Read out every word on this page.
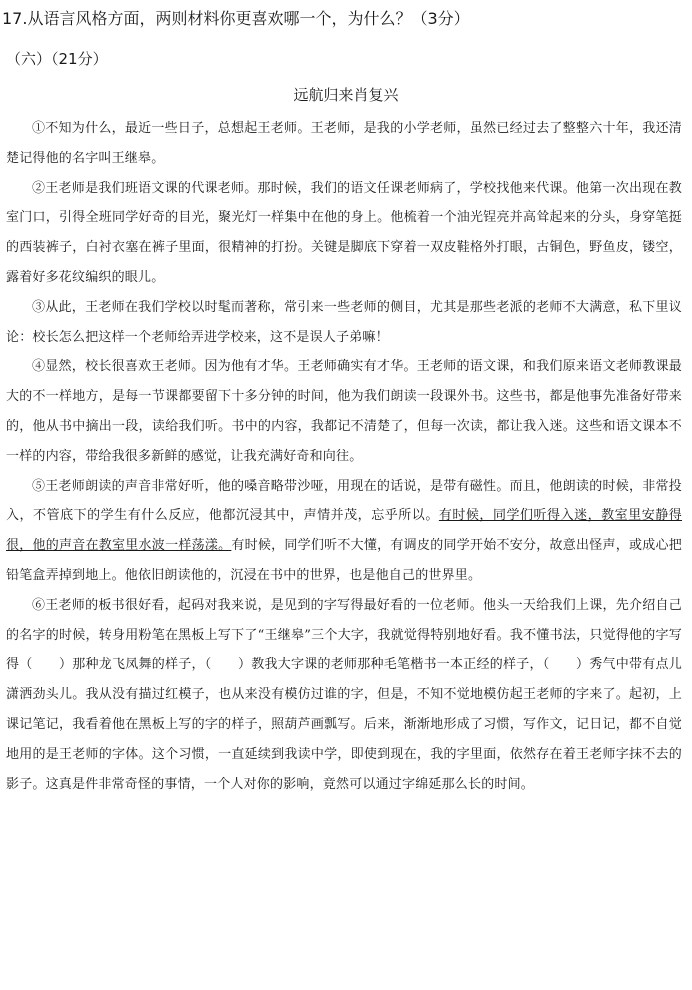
17.从语言风格方面，两则材料你更喜欢哪一个，为什么？（3分）
（六）（21分）
远航归来肖复兴

①不知为什么，最近一些日子，总想起王老师。王老师，是我的小学老师，虽然已经过去了整整六十年，我还清楚记得他的名字叫王继皋。

②王老师是我们班语文课的代课老师。那时候，我们的语文任课老师病了，学校找他来代课。他第一次出现在教室门口，引得全班同学好奇的目光，聚光灯一样集中在他的身上。他梳着一个油光锃亮并高耸起来的分头，身穿笔挺的西装裤子，白衬衣塞在裤子里面，很精神的打扮。关键是脚底下穿着一双皮鞋格外打眼，古铜色，野鱼皮，镂空，露着好多花纹编织的眼儿。

③从此，王老师在我们学校以时髦而著称，常引来一些老师的侧目，尤其是那些老派的老师不大满意，私下里议论：校长怎么把这样一个老师给弄进学校来，这不是误人子弟嘛！

④显然，校长很喜欢王老师。因为他有才华。王老师确实有才华。王老师的语文课，和我们原来语文老师教课最大的不一样地方，是每一节课都要留下十多分钟的时间，他为我们朗读一段课外书。这些书，都是他事先准备好带来的，他从书中摘出一段，读给我们听。书中的内容，我都记不清楚了，但每一次读，都让我入迷。这些和语文课本不一样的内容，带给我很多新鲜的感觉，让我充满好奇和向往。

⑤王老师朗读的声音非常好听，他的嗓音略带沙哑，用现在的话说，是带有磁性。而且，他朗读的时候，非常投入，不管底下的学生有什么反应，他都沉浸其中，声情并茂，忘乎所以。有时候，同学们听得入迷，教室里安静得很，他的声音在教室里水波一样荡漾。有时候，同学们听不大懂，有调皮的同学开始不安分，故意出怪声，或成心把铅笔盒弄掉到地上。他依旧朗读他的，沉浸在书中的世界，也是他自己的世界里。

⑥王老师的板书很好看，起码对我来说，是见到的字写得最好看的一位老师。他头一天给我们上课，先介绍自己的名字的时候，转身用粉笔在黑板上写下了“王继皋”三个大字，我就觉得特别地好看。我不懂书法，只觉得他的字写得（　　）那种龙飞凤舞的样子，（　　）教我大字课的老师那种毛笔楷书一本正经的样子，（　　）秀气中带有点儿潇洒劲头儿。我从没有描过红模子，也从来没有模仿过谁的字，但是，不知不觉地模仿起王老师的字来了。起初，上课记笔记，我看着他在黑板上写的字的样子，照葫芦画瓢写。后来，渐渐地形成了习惯，写作文，记日记，都不自觉地用的是王老师的字体。这个习惯，一直延续到我读中学，即使到现在，我的字里面，依然存在着王老师字抹不去的影子。这真是件非常奇怪的事情，一个人对你的影响，竟然可以通过字绵延那么长的时间。
